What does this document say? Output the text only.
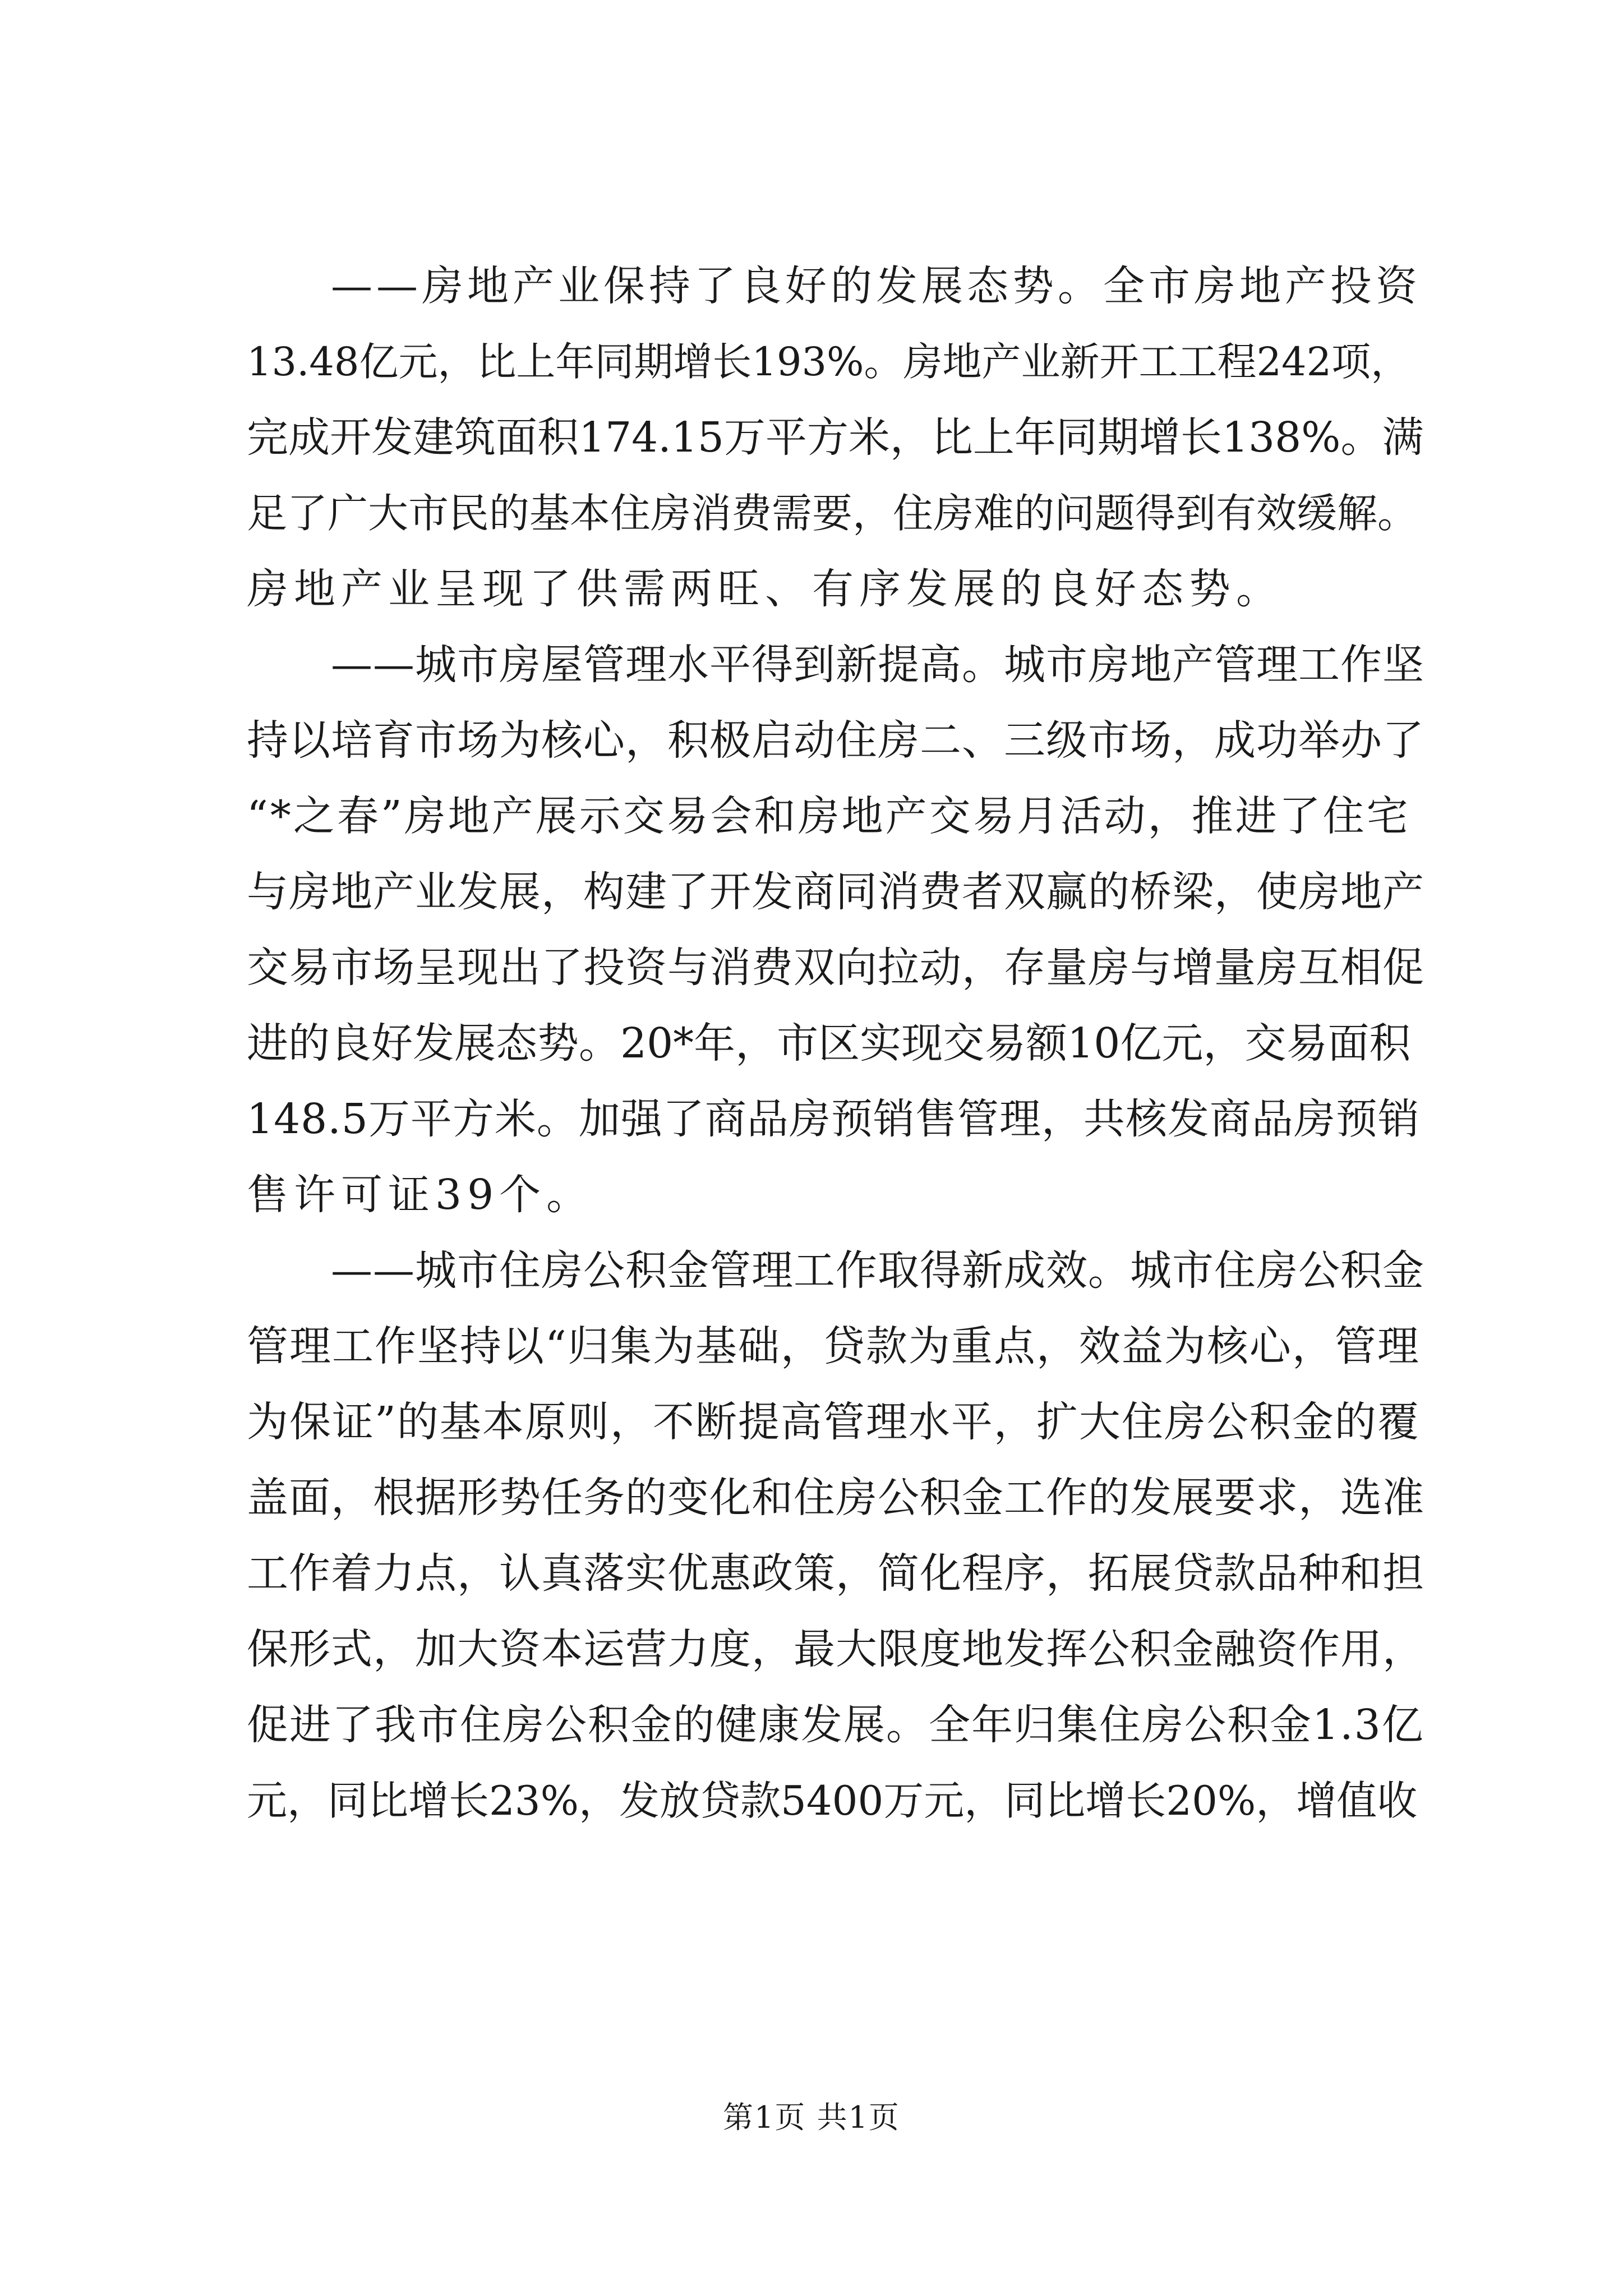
——房地产业保持了良好的发展态势。全市房地产投资
13.48亿元，比上年同期增长193%。房地产业新开工工程242项，
完成开发建筑面积174.15万平方米，比上年同期增长138%。满
足了广大市民的基本住房消费需要，住房难的问题得到有效缓解。
房地产业呈现了供需两旺、有序发展的良好态势。
——城市房屋管理水平得到新提高。城市房地产管理工作坚
持以培育市场为核心，积极启动住房二、三级市场，成功举办了
“*之春”房地产展示交易会和房地产交易月活动，推进了住宅
与房地产业发展，构建了开发商同消费者双赢的桥梁，使房地产
交易市场呈现出了投资与消费双向拉动，存量房与增量房互相促
进的良好发展态势。20*年，市区实现交易额10亿元，交易面积
148.5万平方米。加强了商品房预销售管理，共核发商品房预销
售许可证39个。
——城市住房公积金管理工作取得新成效。城市住房公积金
管理工作坚持以“归集为基础，贷款为重点，效益为核心，管理
为保证”的基本原则，不断提高管理水平，扩大住房公积金的覆
盖面，根据形势任务的变化和住房公积金工作的发展要求，选准
工作着力点，认真落实优惠政策，简化程序，拓展贷款品种和担
保形式，加大资本运营力度，最大限度地发挥公积金融资作用，
促进了我市住房公积金的健康发展。全年归集住房公积金1.3亿
元，同比增长23%，发放贷款5400万元，同比增长20%，增值收
第1页 共1页
